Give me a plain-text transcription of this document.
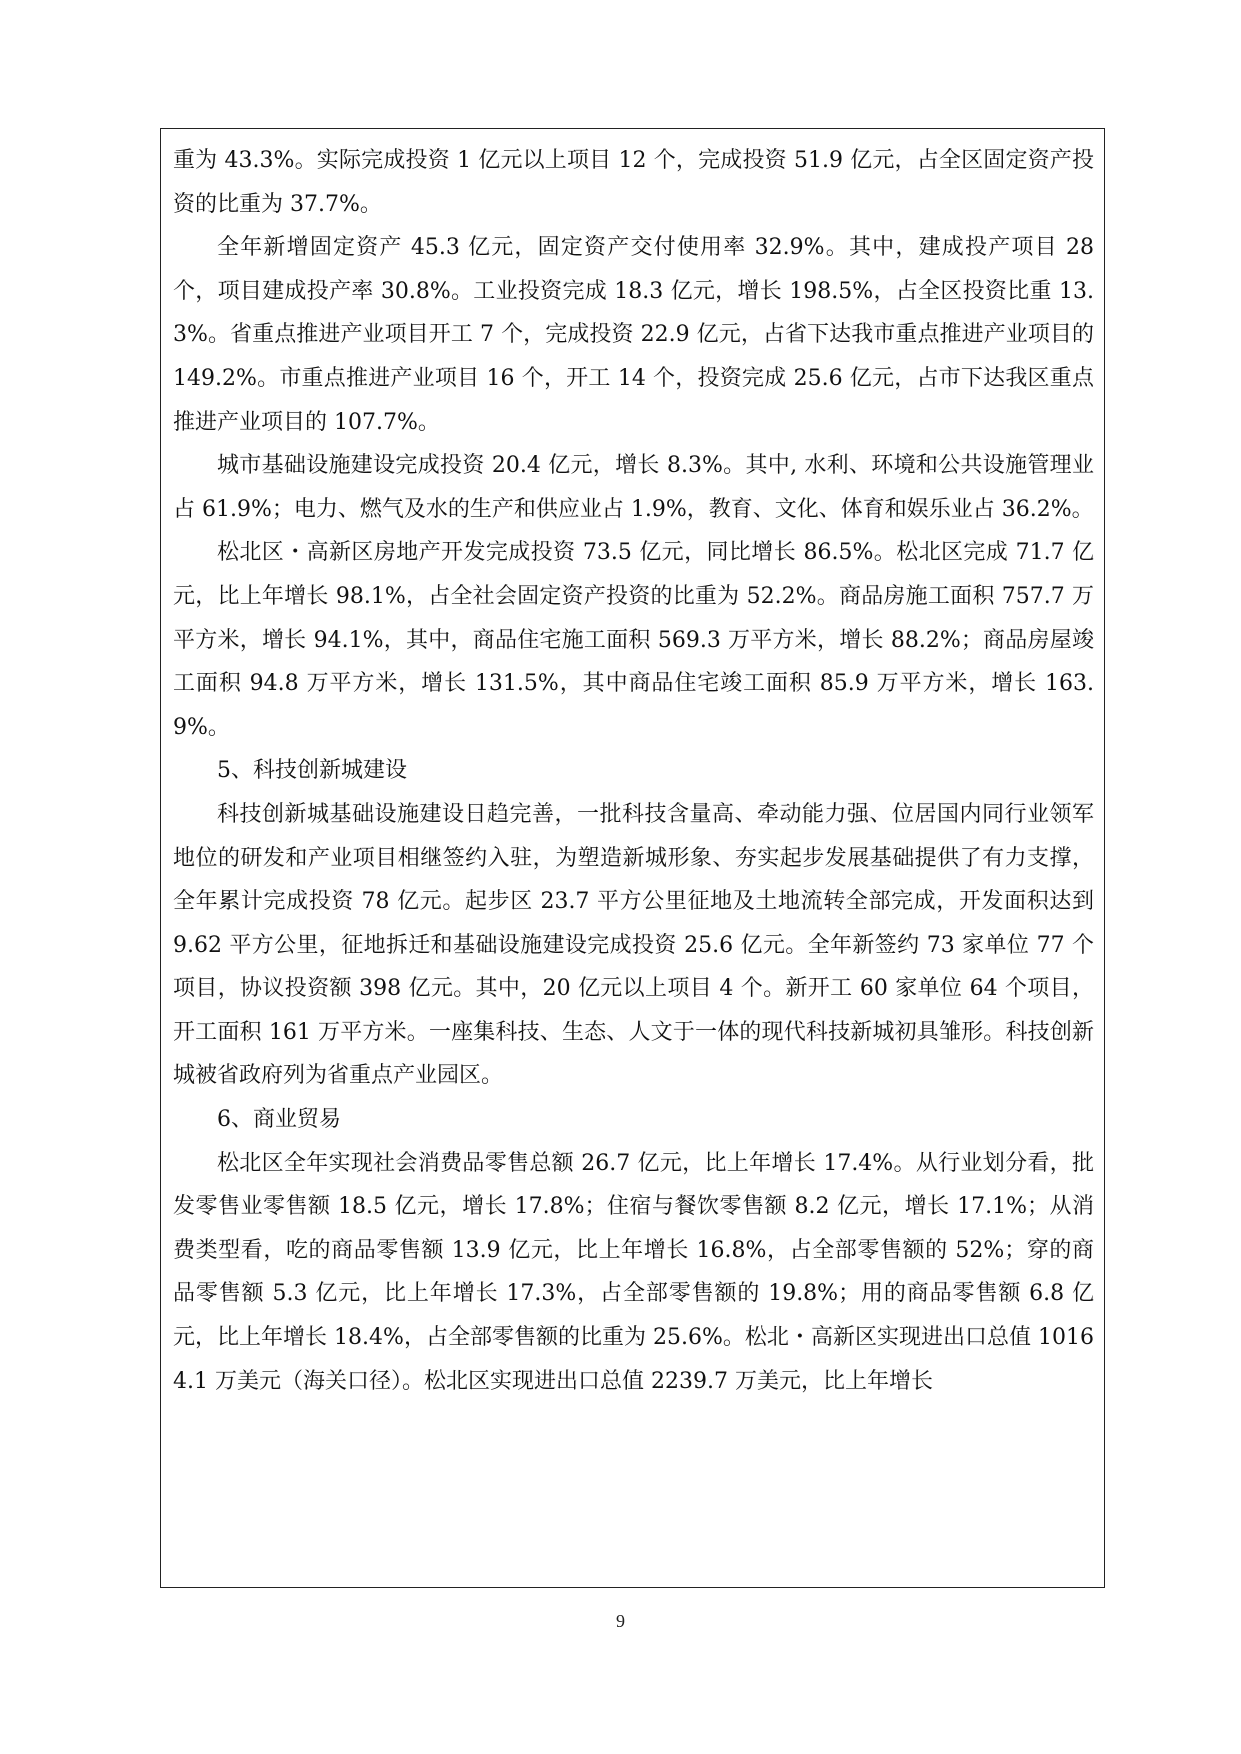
重为 43.3%。实际完成投资 1 亿元以上项目 12 个，完成投资 51.9 亿元，占全区固定资产投资的比重为 37.7%。

全年新增固定资产 45.3 亿元，固定资产交付使用率 32.9%。其中，建成投产项目 28 个，项目建成投产率 30.8%。工业投资完成 18.3 亿元，增长 198.5%，占全区投资比重 13.3%。省重点推进产业项目开工 7 个，完成投资 22.9 亿元，占省下达我市重点推进产业项目的 149.2%。市重点推进产业项目 16 个，开工 14 个，投资完成 25.6 亿元，占市下达我区重点推进产业项目的 107.7%。

城市基础设施建设完成投资 20.4 亿元，增长 8.3%。其中, 水利、环境和公共设施管理业占 61.9%；电力、燃气及水的生产和供应业占 1.9%，教育、文化、体育和娱乐业占 36.2%。

松北区・高新区房地产开发完成投资 73.5 亿元，同比增长 86.5%。松北区完成 71.7 亿元，比上年增长 98.1%，占全社会固定资产投资的比重为 52.2%。商品房施工面积 757.7 万平方米，增长 94.1%，其中，商品住宅施工面积 569.3 万平方米，增长 88.2%；商品房屋竣工面积 94.8 万平方米，增长 131.5%，其中商品住宅竣工面积 85.9 万平方米，增长 163.9%。

5、科技创新城建设

科技创新城基础设施建设日趋完善，一批科技含量高、牵动能力强、位居国内同行业领军地位的研发和产业项目相继签约入驻，为塑造新城形象、夯实起步发展基础提供了有力支撑，全年累计完成投资 78 亿元。起步区 23.7 平方公里征地及土地流转全部完成，开发面积达到 9.62 平方公里，征地拆迁和基础设施建设完成投资 25.6 亿元。全年新签约 73 家单位 77 个项目，协议投资额 398 亿元。其中，20 亿元以上项目 4 个。新开工 60 家单位 64 个项目，开工面积 161 万平方米。一座集科技、生态、人文于一体的现代科技新城初具雏形。科技创新城被省政府列为省重点产业园区。

6、商业贸易

松北区全年实现社会消费品零售总额 26.7 亿元，比上年增长 17.4%。从行业划分看，批发零售业零售额 18.5 亿元，增长 17.8%；住宿与餐饮零售额 8.2 亿元，增长 17.1%；从消费类型看，吃的商品零售额 13.9 亿元，比上年增长 16.8%，占全部零售额的 52%；穿的商品零售额 5.3 亿元，比上年增长 17.3%，占全部零售额的 19.8%；用的商品零售额 6.8 亿元，比上年增长 18.4%，占全部零售额的比重为 25.6%。松北・高新区实现进出口总值 10164.1 万美元（海关口径）。松北区实现进出口总值 2239.7 万美元，比上年增长

9
